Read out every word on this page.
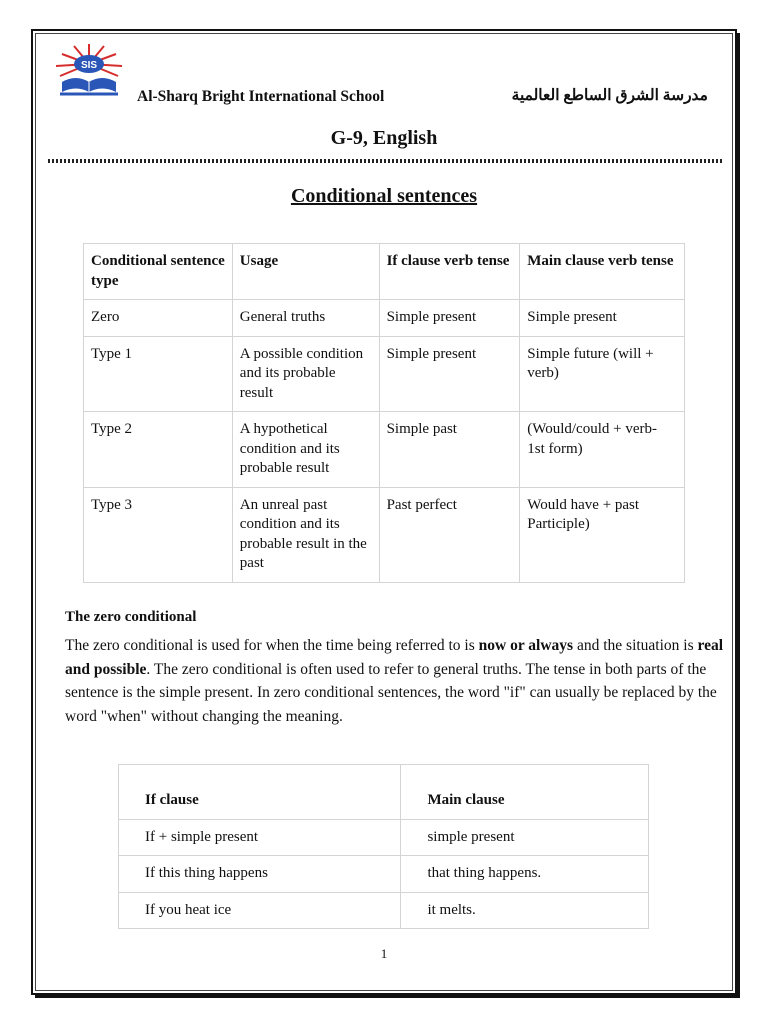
SIS
Al-Sharq Bright International School	مدرسة الشرق الساطع العالمية
G-9, English
Conditional sentences
Conditional sentence type	Usage	If clause verb tense	Main clause verb tense
Zero	General truths	Simple present	Simple present
Type 1	A possible condition and its probable result	Simple present	Simple future (will + verb)
Type 2	A hypothetical condition and its probable result	Simple past	(Would/could + verb- 1st form)
Type 3	An unreal past condition and its probable result in the past	Past perfect	Would have + past Participle)
The zero conditional
The zero conditional is used for when the time being referred to is now or always and the situation is real and possible. The zero conditional is often used to refer to general truths. The tense in both parts of the sentence is the simple present. In zero conditional sentences, the word "if" can usually be replaced by the word "when" without changing the meaning.
If clause	Main clause
If + simple present	simple present
If this thing happens	that thing happens.
If you heat ice	it melts.
1
